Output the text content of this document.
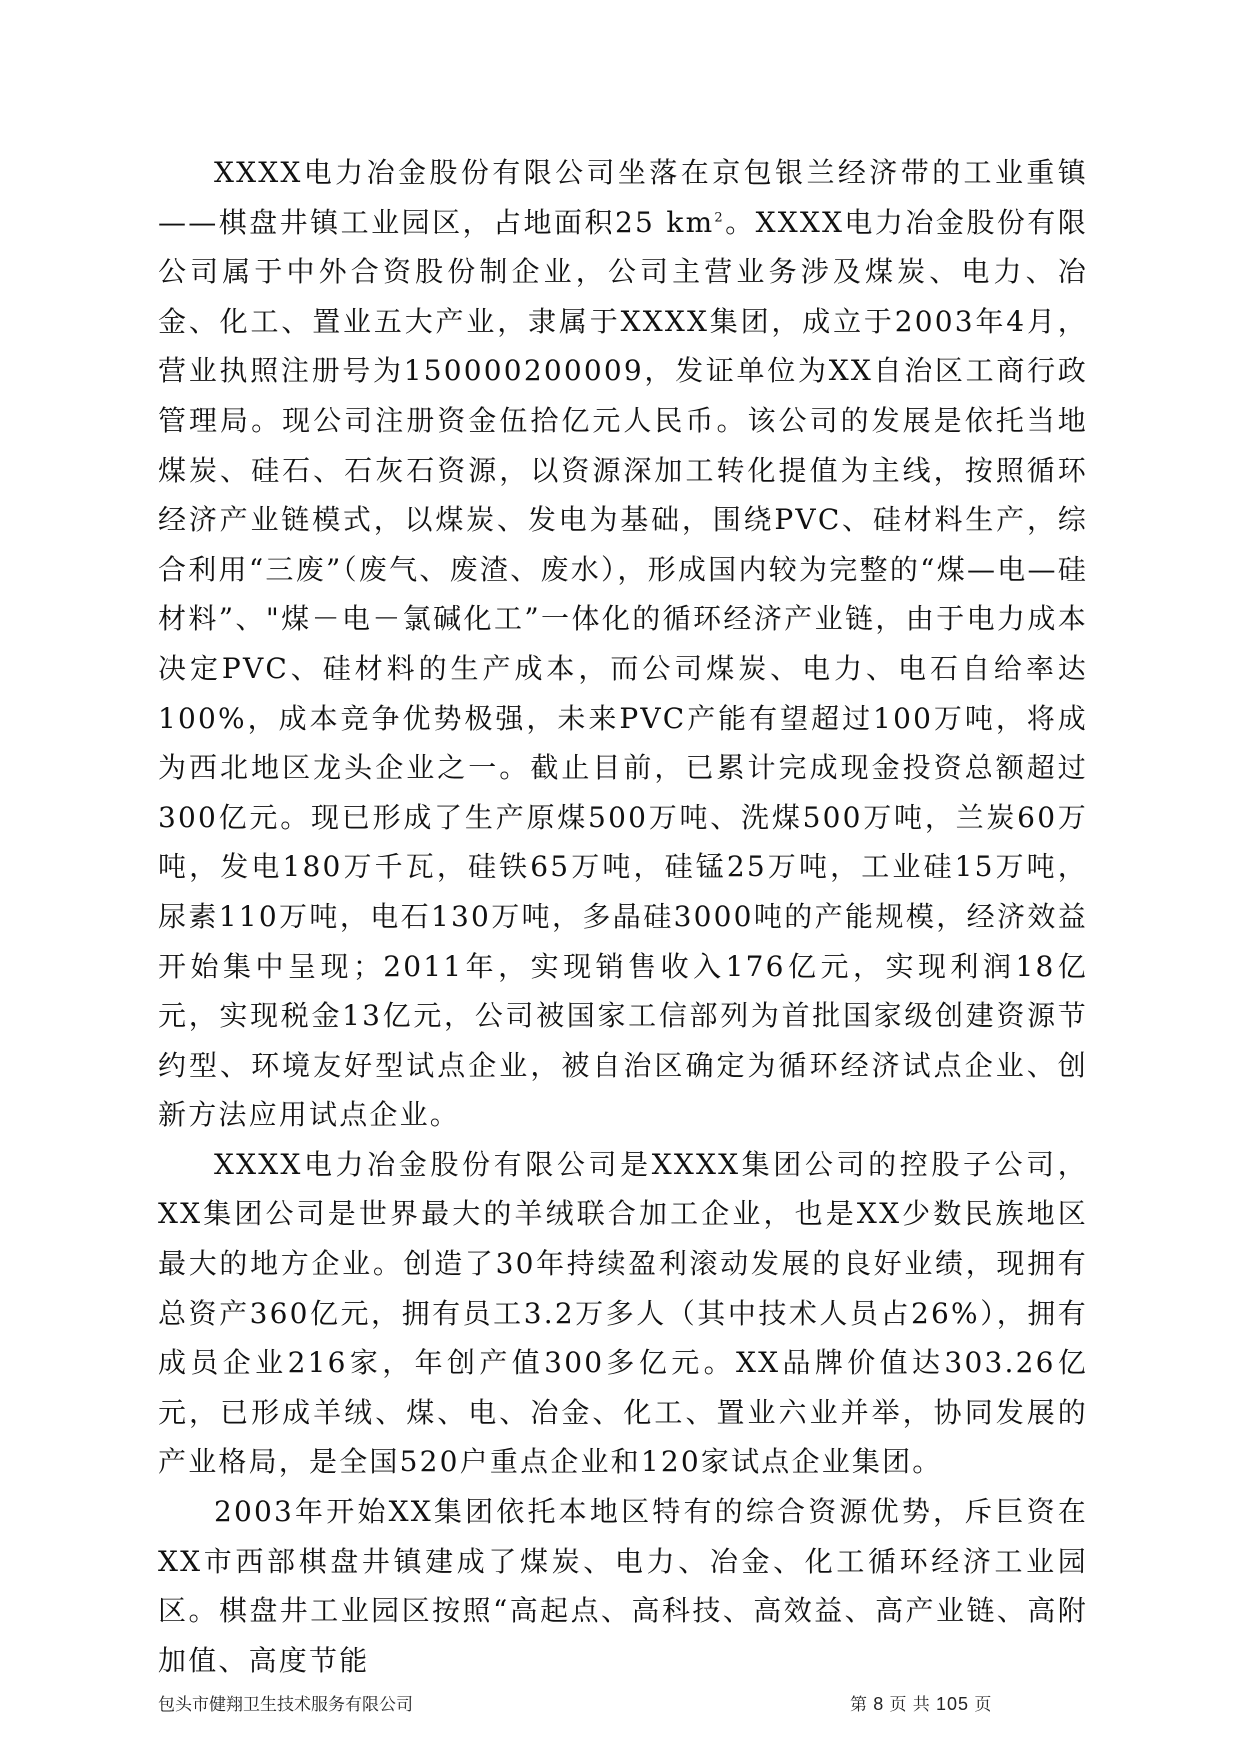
XXXX电力冶金股份有限公司坐落在京包银兰经济带的工业重镇——棋盘井镇工业园区，占地面积25 $km^2$。XXXX电力冶金股份有限公司属于中外合资股份制企业，公司主营业务涉及煤炭、电力、冶金、化工、置业五大产业，隶属于XXXX集团，成立于2003年4月，营业执照注册号为150000200009，发证单位为XX自治区工商行政管理局。现公司注册资金伍拾亿元人民币。该公司的发展是依托当地煤炭、硅石、石灰石资源，以资源深加工转化提值为主线，按照循环经济产业链模式，以煤炭、发电为基础，围绕PVC、硅材料生产，综合利用“三废”（废气、废渣、废水），形成国内较为完整的“煤—电—硅材料”、"煤－电－氯碱化工”一体化的循环经济产业链，由于电力成本决定PVC、硅材料的生产成本，而公司煤炭、电力、电石自给率达100%，成本竞争优势极强，未来PVC产能有望超过100万吨，将成为西北地区龙头企业之一。截止目前，已累计完成现金投资总额超过300亿元。现已形成了生产原煤500万吨、洗煤500万吨，兰炭60万吨，发电180万千瓦，硅铁65万吨，硅锰25万吨，工业硅15万吨，尿素110万吨，电石130万吨，多晶硅3000吨的产能规模，经济效益开始集中呈现；2011年，实现销售收入176亿元，实现利润18亿元，实现税金13亿元，公司被国家工信部列为首批国家级创建资源节约型、环境友好型试点企业，被自治区确定为循环经济试点企业、创新方法应用试点企业。

XXXX电力冶金股份有限公司是XXXX集团公司的控股子公司，XX集团公司是世界最大的羊绒联合加工企业，也是XX少数民族地区最大的地方企业。创造了30年持续盈利滚动发展的良好业绩，现拥有总资产360亿元，拥有员工3.2万多人（其中技术人员占26%），拥有成员企业216家，年创产值300多亿元。XX品牌价值达303.26亿元，已形成羊绒、煤、电、冶金、化工、置业六业并举，协同发展的产业格局，是全国520户重点企业和120家试点企业集团。

2003年开始XX集团依托本地区特有的综合资源优势，斥巨资在XX市西部棋盘井镇建成了煤炭、电力、冶金、化工循环经济工业园区。棋盘井工业园区按照“高起点、高科技、高效益、高产业链、高附加值、高度节能

包头市健翔卫生技术服务有限公司	第 8 页 共 105 页
